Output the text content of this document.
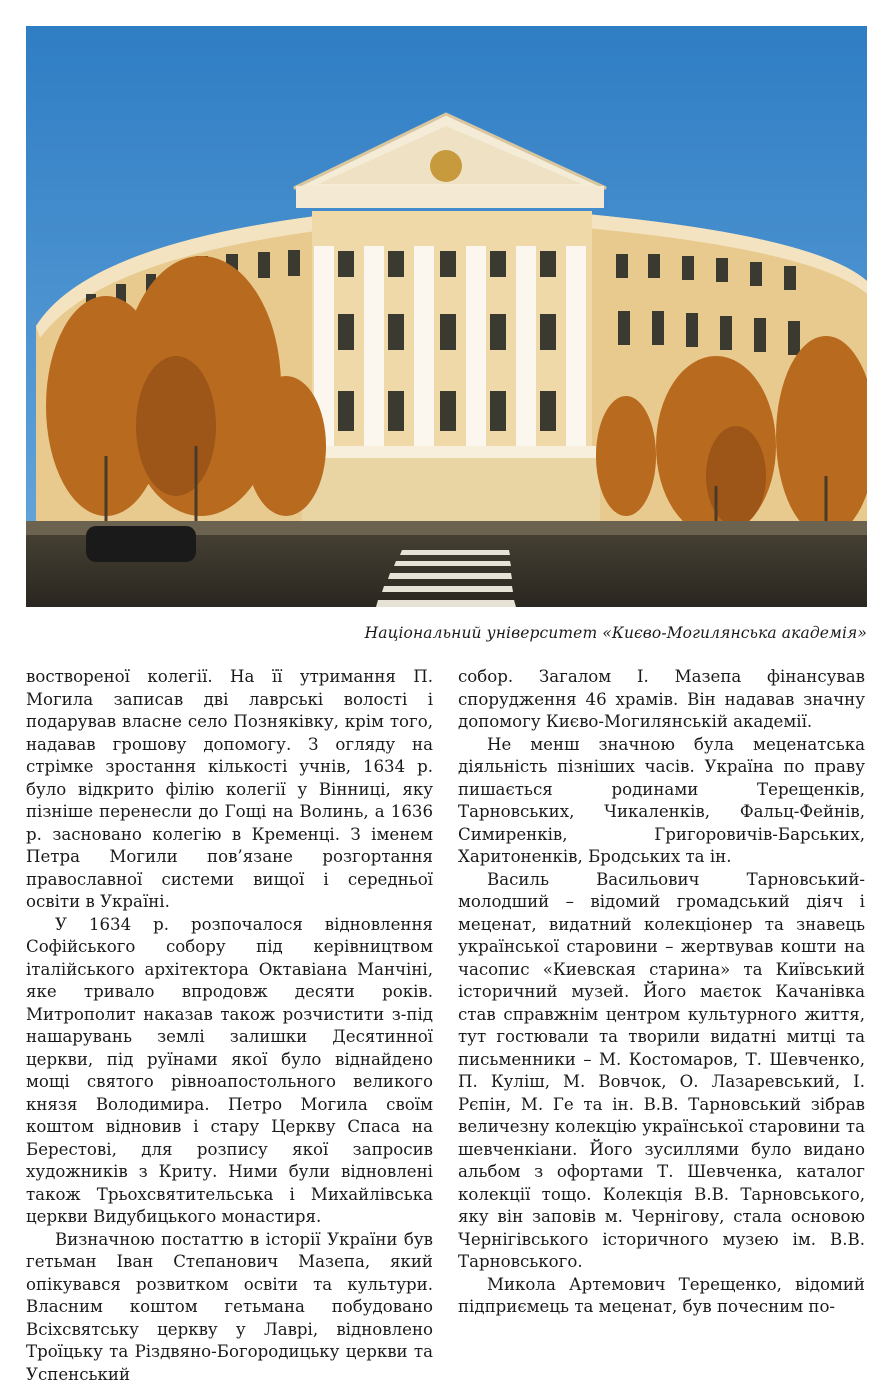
Національний університет «Києво-Могилянська академія»

востворенoї колегії. На її утримання П. Могила записав дві лаврські волості і подарував власне село Позняківку, крім того, надавав грошову допомогу. З огляду на стрімке зростання кількості учнів, 1634 р. було відкрито філію колегії у Вінниці, яку пізніше перенесли до Гощі на Волинь, а 1636 р. засновано колегію в Кременці. З іменем Петра Могили пов’язане розгортання православної системи вищої і середньої освіти в Україні.

У 1634 р. розпочалося відновлення Софійського собору під керівництвом італійського архітектора Октавіана Манчіні, яке тривало впродовж десяти років. Митрополит наказав також розчистити з-під нашарувань землі залишки Десятинної церкви, під руїнами якої було віднайдено мощі святого рівноапостольного великого князя Володимира. Петро Могила своїм коштом відновив і стару Церкву Спаса на Берестові, для розпису якої запросив художників з Криту. Ними були відновлені також Трьохсвятительська і Михайлівська церкви Видубицького монастиря.

Визначною постаттю в історії України був гетьман Іван Степанович Мазепа, який опікувався розвитком освіти та культури. Власним коштом гетьмана побудовано Всіхсвятську церкву у Лаврі, відновлено Троїцьку та Різдвяно-Богородицьку церкви та Успенський

собор. Загалом І. Мазепа фінансував спорудження 46 храмів. Він надавав значну допомогу Києво-Могилянській академії.

Не менш значною була меценатська діяльність пізніших часів. Україна по праву пишається родинами Терещенків, Тарновських, Чикаленків, Фальц-Фейнів, Симиренків, Григоровичів-Барських, Харитоненків, Бродських та ін.

Василь Васильович Тарновський-молодший – відомий громадський діяч і меценат, видатний колекціонер та знавець української старовини – жертвував кошти на часопис «Киевская старина» та Київський історичний музей. Його маєток Качанівка став справжнім центром культурного життя, тут гостювали та творили видатні митці та письменники – М. Костомаров, Т. Шевченко, П. Куліш, М. Вовчок, О. Лазаревський, І. Рєпін, М. Ге та ін. В.В. Тарновський зібрав величезну колекцію української старовини та шевченкіани. Його зусиллями було видано альбом з офортами Т. Шевченка, каталог колекції тощо. Колекція В.В. Тарновського, яку він заповів м. Чернігову, стала основою Чернігівського історичного музею ім. В.В. Тарновського.

Микола Артемович Терещенко, відомий підприємець та меценат, був почесним по-
